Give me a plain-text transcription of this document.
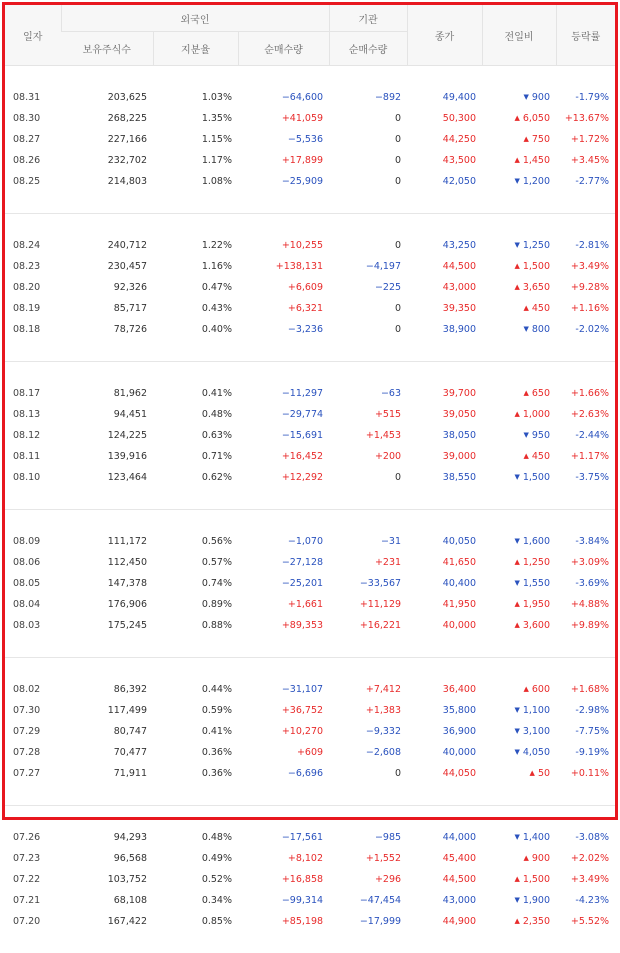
일자	외국인			기관	종가	전일비	등락률
	보유주식수	지분율	순매수량	순매수량			

08.31	203,625	1.03%	−64,600	−892	49,400	▼ 900	-1.79%
08.30	268,225	1.35%	+41,059	0	50,300	▲ 6,050	+13.67%
08.27	227,166	1.15%	−5,536	0	44,250	▲ 750	+1.72%
08.26	232,702	1.17%	+17,899	0	43,500	▲ 1,450	+3.45%
08.25	214,803	1.08%	−25,909	0	42,050	▼ 1,200	-2.77%

08.24	240,712	1.22%	+10,255	0	43,250	▼ 1,250	-2.81%
08.23	230,457	1.16%	+138,131	−4,197	44,500	▲ 1,500	+3.49%
08.20	92,326	0.47%	+6,609	−225	43,000	▲ 3,650	+9.28%
08.19	85,717	0.43%	+6,321	0	39,350	▲ 450	+1.16%
08.18	78,726	0.40%	−3,236	0	38,900	▼ 800	-2.02%

08.17	81,962	0.41%	−11,297	−63	39,700	▲ 650	+1.66%
08.13	94,451	0.48%	−29,774	+515	39,050	▲ 1,000	+2.63%
08.12	124,225	0.63%	−15,691	+1,453	38,050	▼ 950	-2.44%
08.11	139,916	0.71%	+16,452	+200	39,000	▲ 450	+1.17%
08.10	123,464	0.62%	+12,292	0	38,550	▼ 1,500	-3.75%

08.09	111,172	0.56%	−1,070	−31	40,050	▼ 1,600	-3.84%
08.06	112,450	0.57%	−27,128	+231	41,650	▲ 1,250	+3.09%
08.05	147,378	0.74%	−25,201	−33,567	40,400	▼ 1,550	-3.69%
08.04	176,906	0.89%	+1,661	+11,129	41,950	▲ 1,950	+4.88%
08.03	175,245	0.88%	+89,353	+16,221	40,000	▲ 3,600	+9.89%

08.02	86,392	0.44%	−31,107	+7,412	36,400	▲ 600	+1.68%
07.30	117,499	0.59%	+36,752	+1,383	35,800	▼ 1,100	-2.98%
07.29	80,747	0.41%	+10,270	−9,332	36,900	▼ 3,100	-7.75%
07.28	70,477	0.36%	+609	−2,608	40,000	▼ 4,050	-9.19%
07.27	71,911	0.36%	−6,696	0	44,050	▲ 50	+0.11%

07.26	94,293	0.48%	−17,561	−985	44,000	▼ 1,400	-3.08%
07.23	96,568	0.49%	+8,102	+1,552	45,400	▲ 900	+2.02%
07.22	103,752	0.52%	+16,858	+296	44,500	▲ 1,500	+3.49%
07.21	68,108	0.34%	−99,314	−47,454	43,000	▼ 1,900	-4.23%
07.20	167,422	0.85%	+85,198	−17,999	44,900	▲ 2,350	+5.52%
